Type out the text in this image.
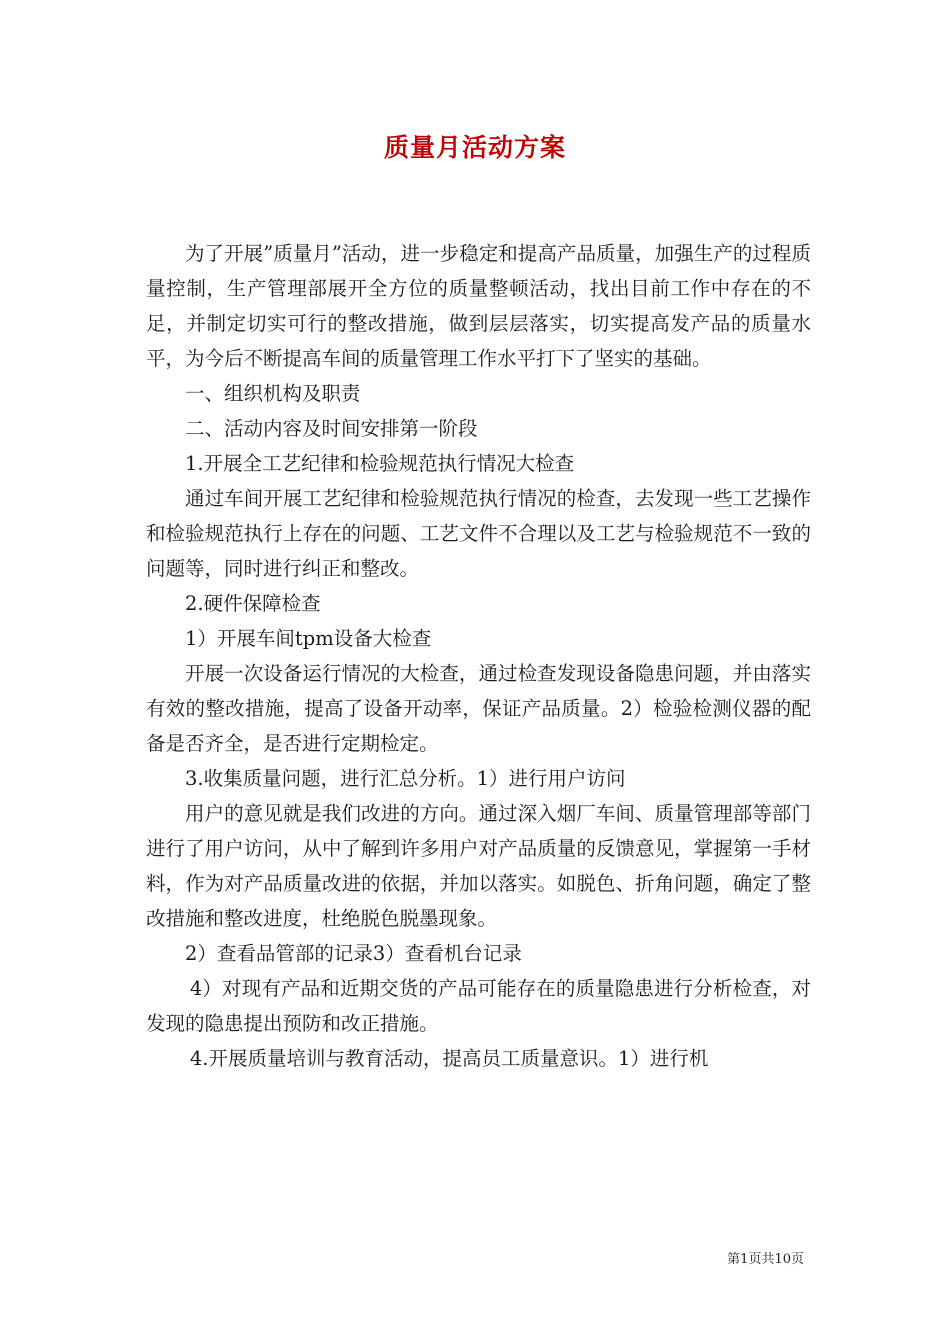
质量月活动方案

为了开展”质量月”活动，进一步稳定和提高产品质量，加强生产的过程质量控制，生产管理部展开全方位的质量整顿活动，找出目前工作中存在的不足，并制定切实可行的整改措施，做到层层落实，切实提高发产品的质量水平，为今后不断提高车间的质量管理工作水平打下了坚实的基础。

一、组织机构及职责

二、活动内容及时间安排第一阶段

1.开展全工艺纪律和检验规范执行情况大检查

通过车间开展工艺纪律和检验规范执行情况的检查，去发现一些工艺操作和检验规范执行上存在的问题、工艺文件不合理以及工艺与检验规范不一致的问题等，同时进行纠正和整改。

2.硬件保障检查

1）开展车间tpm设备大检查

开展一次设备运行情况的大检查，通过检查发现设备隐患问题，并由落实有效的整改措施，提高了设备开动率，保证产品质量。2）检验检测仪器的配备是否齐全，是否进行定期检定。

3.收集质量问题，进行汇总分析。1）进行用户访问

用户的意见就是我们改进的方向。通过深入烟厂车间、质量管理部等部门进行了用户访问，从中了解到许多用户对产品质量的反馈意见，掌握第一手材料，作为对产品质量改进的依据，并加以落实。如脱色、折角问题，确定了整改措施和整改进度，杜绝脱色脱墨现象。

2）查看品管部的记录3）查看机台记录

4）对现有产品和近期交货的产品可能存在的质量隐患进行分析检查，对发现的隐患提出预防和改正措施。

4.开展质量培训与教育活动，提高员工质量意识。1）进行机

第1页共10页
